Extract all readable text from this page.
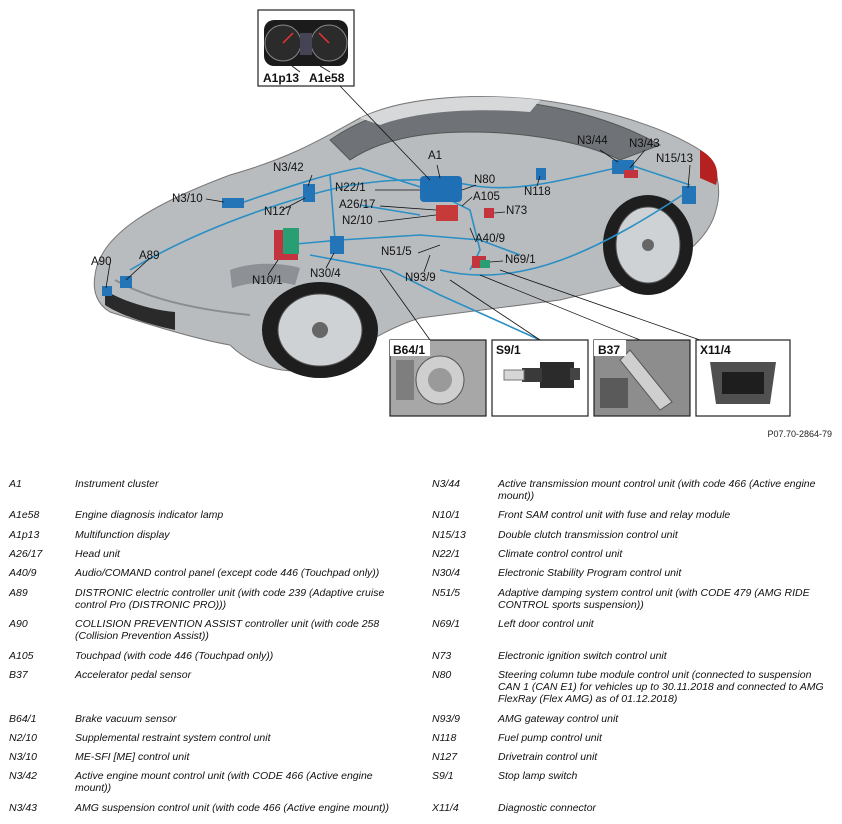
A1p13 A1e58
B64/1	S9/1	B37	X11/4
A1
N3/44 N3/43
N15/13
N3/42
N22/1
N80
N118
N3/10	A105
A26/17	N73
N127
N2/10
A40/9
A90 A89	N51/5
N69/1
N10/1
N30/4	N93/9
P07.70-2864-79
A1	Instrument cluster
A1e58	Engine diagnosis indicator lamp
A1p13	Multifunction display
A26/17	Head unit
A40/9	Audio/COMAND control panel (except code 446 (Touchpad only))
A89	DISTRONIC electric controller unit (with code 239 (Adaptive cruise control Pro (DISTRONIC PRO)))
A90	COLLISION PREVENTION ASSIST controller unit (with code 258 (Collision Prevention Assist))
A105	Touchpad (with code 446 (Touchpad only))
B37	Accelerator pedal sensor
B64/1	Brake vacuum sensor
N2/10	Supplemental restraint system control unit
N3/10	ME-SFI [ME] control unit
N3/42	Active engine mount control unit (with CODE 466 (Active engine mount))
N3/43	AMG suspension control unit (with code 466 (Active engine mount))
N3/44	Active transmission mount control unit (with code 466 (Active engine mount))
N10/1	Front SAM control unit with fuse and relay module
N15/13	Double clutch transmission control unit
N22/1	Climate control control unit
N30/4	Electronic Stability Program control unit
N51/5	Adaptive damping system control unit (with CODE 479 (AMG RIDE CONTROL sports suspension))
N69/1	Left door control unit
N73	Electronic ignition switch control unit
N80	Steering column tube module control unit (connected to suspension CAN 1 (CAN E1) for vehicles up to 30.11.2018 and connected to AMG FlexRay (Flex AMG) as of 01.12.2018)
N93/9	AMG gateway control unit
N118	Fuel pump control unit
N127	Drivetrain control unit
S9/1	Stop lamp switch
X11/4	Diagnostic connector
